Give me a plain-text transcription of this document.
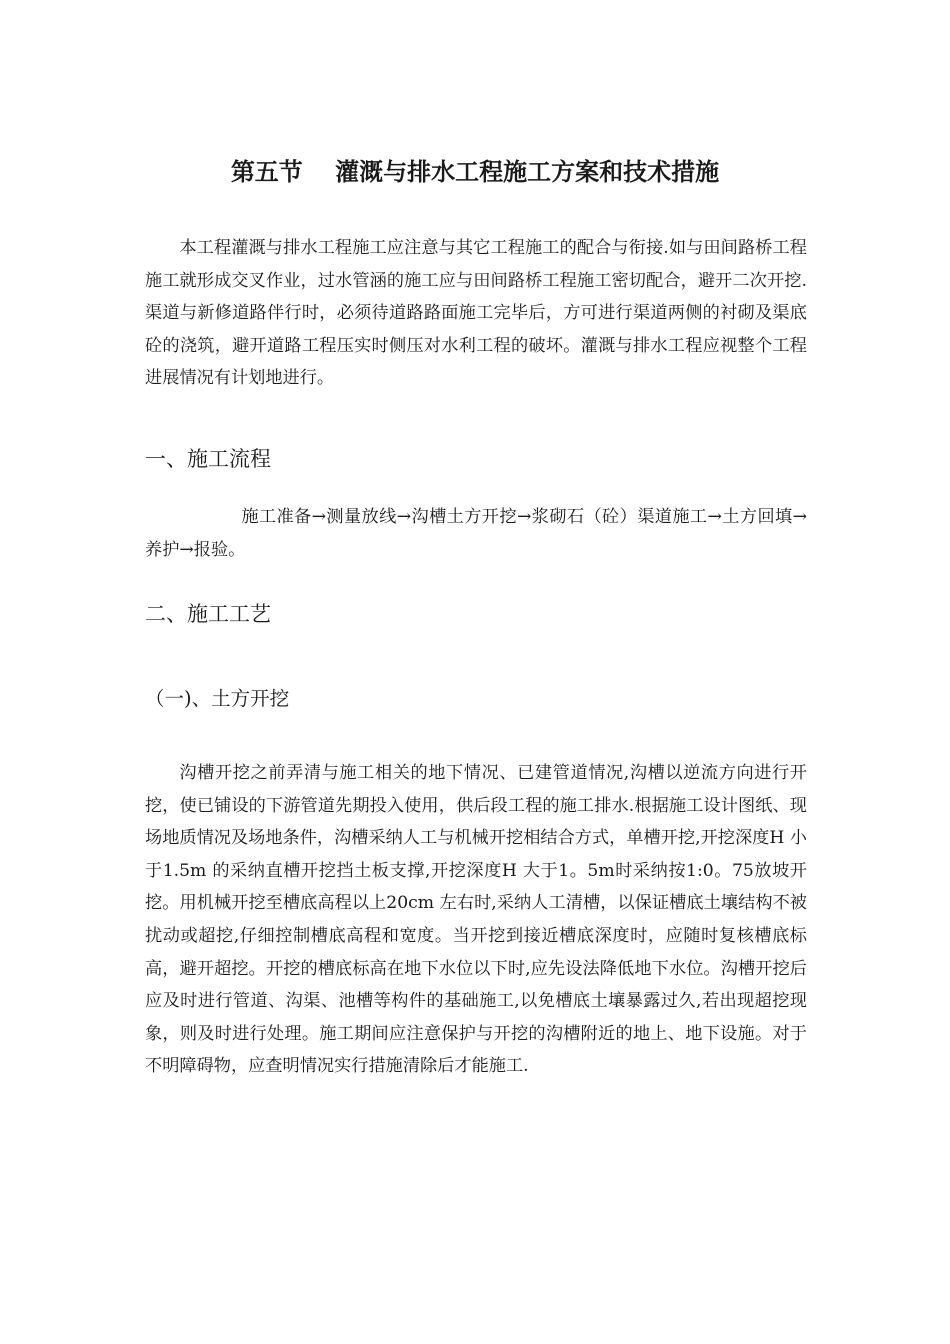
第五节　 灌溉与排水工程施工方案和技术措施

本工程灌溉与排水工程施工应注意与其它工程施工的配合与衔接.如与田间路桥工程施工就形成交叉作业，过水管涵的施工应与田间路桥工程施工密切配合，避开二次开挖.渠道与新修道路伴行时，必须待道路路面施工完毕后，方可进行渠道两侧的衬砌及渠底砼的浇筑，避开道路工程压实时侧压对水利工程的破坏。灌溉与排水工程应视整个工程进展情况有计划地进行。

一、施工流程

施工准备→测量放线→沟槽土方开挖→浆砌石（砼）渠道施工→土方回填→养护→报验。

二、施工工艺
（一)、土方开挖

沟槽开挖之前弄清与施工相关的地下情况、已建管道情况,沟槽以逆流方向进行开挖，使已铺设的下游管道先期投入使用，供后段工程的施工排水.根据施工设计图纸、现场地质情况及场地条件，沟槽采纳人工与机械开挖相结合方式，单槽开挖,开挖深度H 小于1.5m 的采纳直槽开挖挡土板支撑,开挖深度H 大于1。5m时采纳按1:0。75放坡开挖。用机械开挖至槽底高程以上20cm 左右时,采纳人工清槽，以保证槽底土壤结构不被扰动或超挖,仔细控制槽底高程和宽度。当开挖到接近槽底深度时，应随时复核槽底标高，避开超挖。开挖的槽底标高在地下水位以下时,应先设法降低地下水位。沟槽开挖后应及时进行管道、沟渠、池槽等构件的基础施工,以免槽底土壤暴露过久,若出现超挖现象，则及时进行处理。施工期间应注意保护与开挖的沟槽附近的地上、地下设施。对于不明障碍物，应查明情况实行措施清除后才能施工.
